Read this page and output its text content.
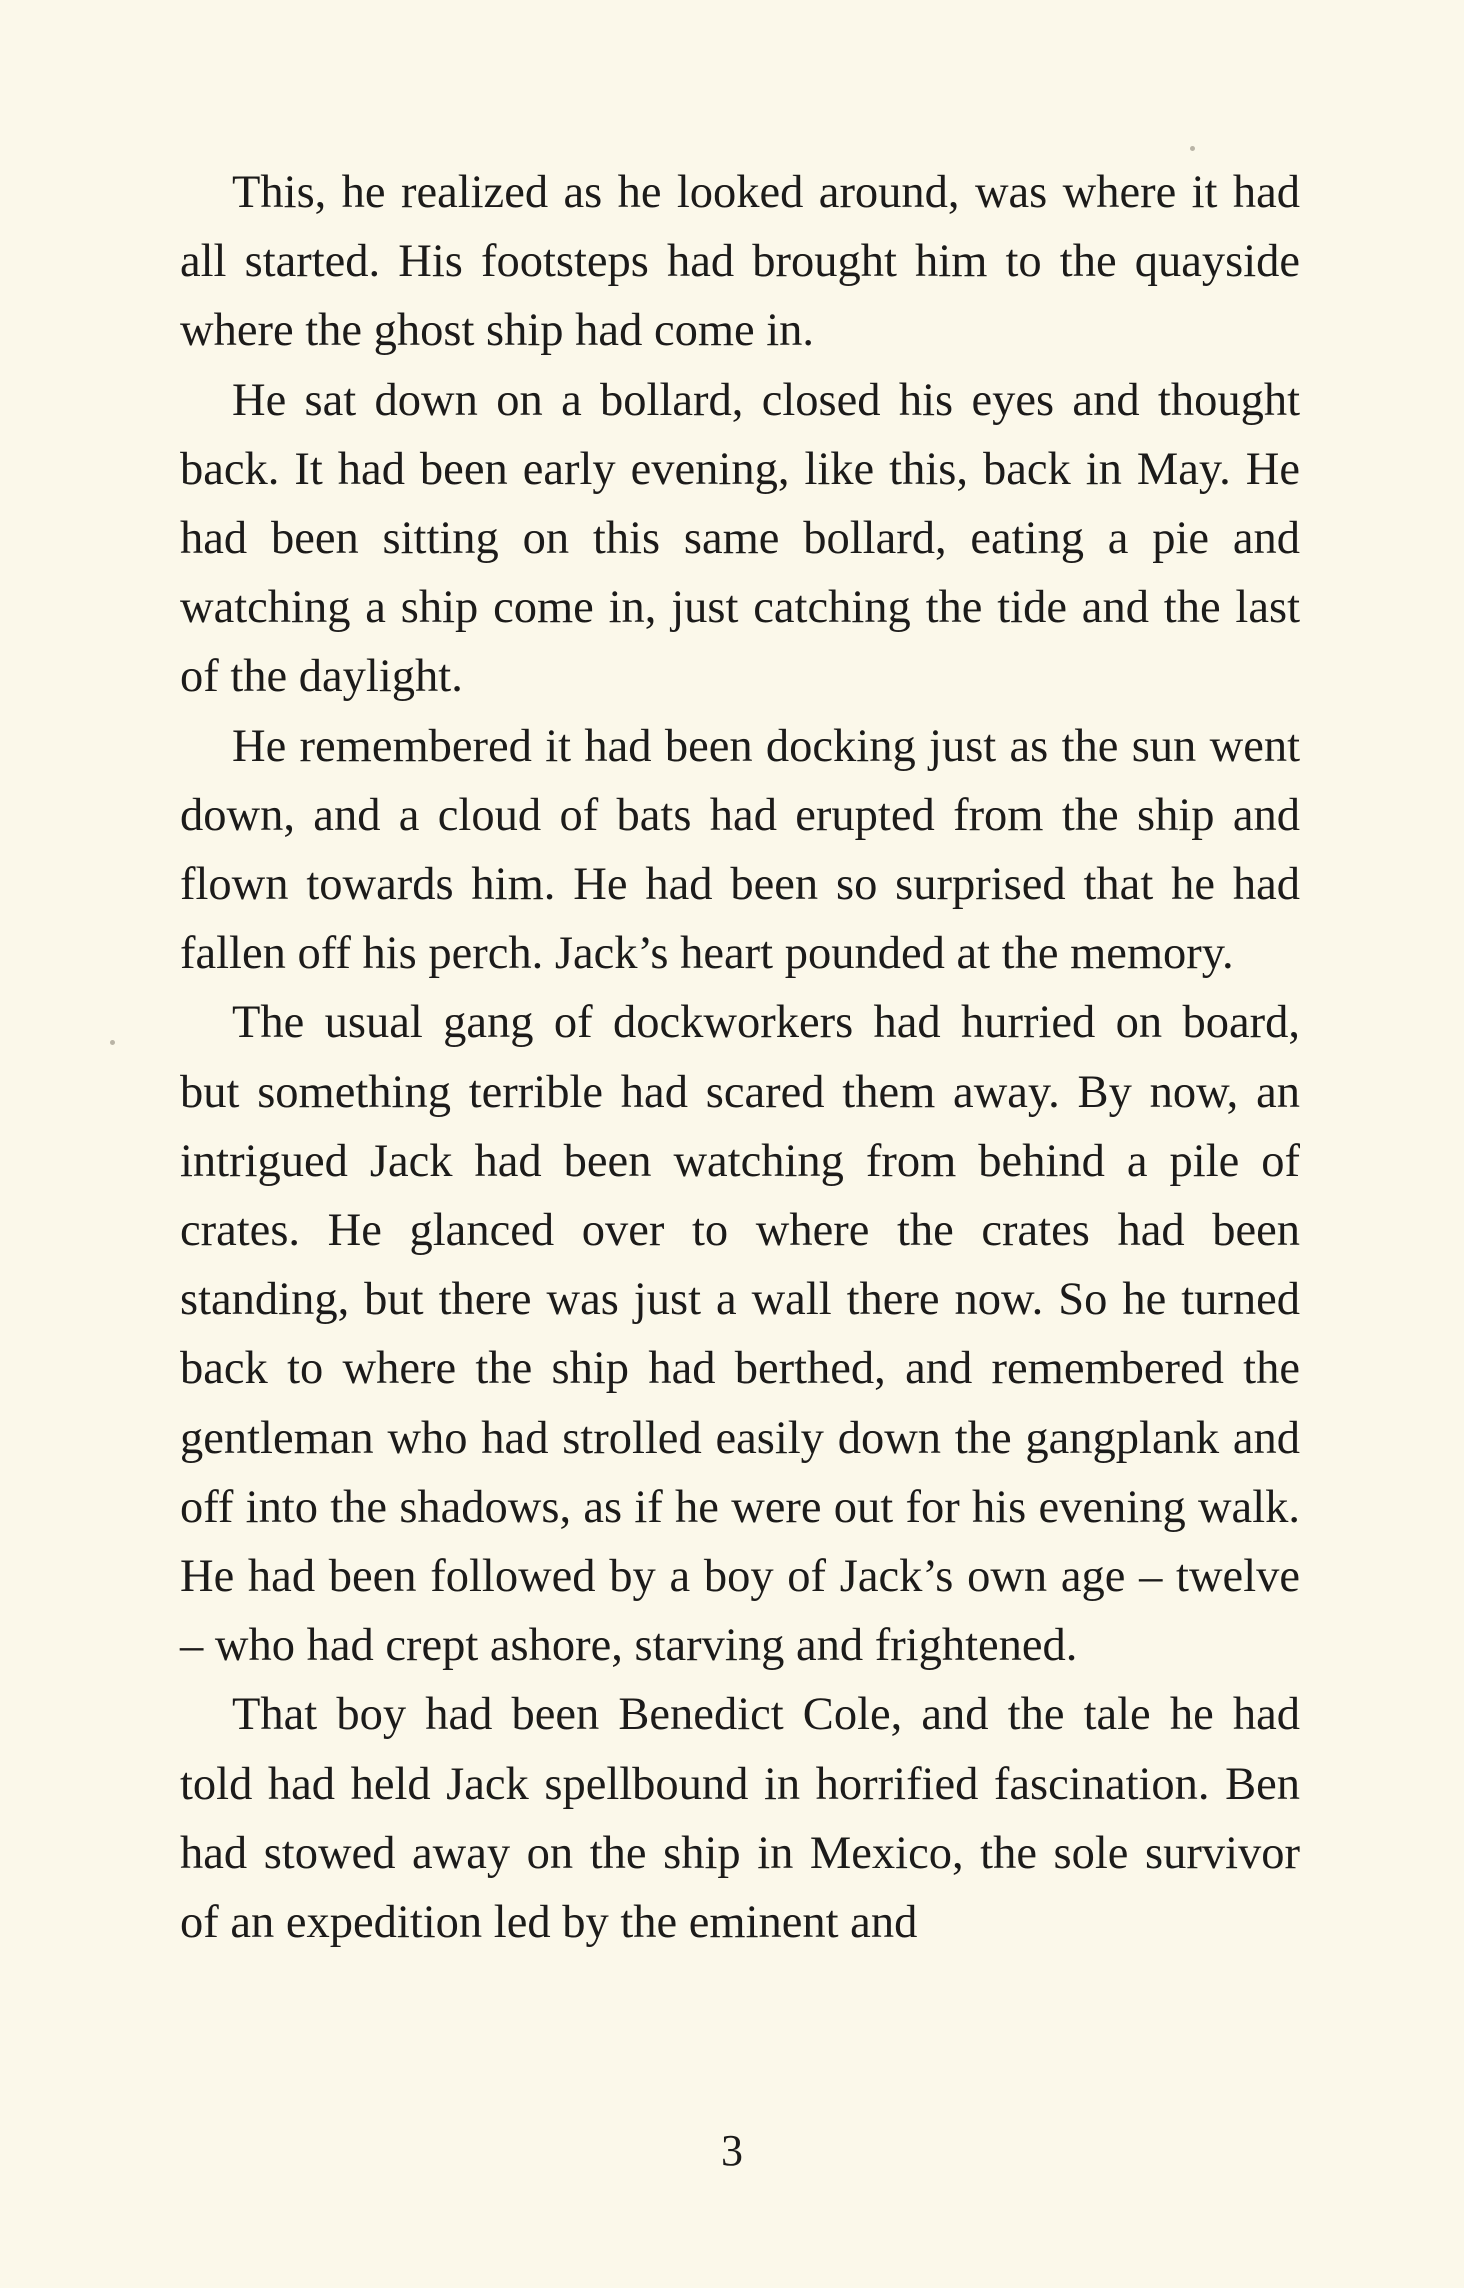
This, he realized as he looked around, was where it had all started. His footsteps had brought him to the quayside where the ghost ship had come in.

He sat down on a bollard, closed his eyes and thought back. It had been early evening, like this, back in May. He had been sitting on this same bollard, eating a pie and watching a ship come in, just catching the tide and the last of the daylight.

He remembered it had been docking just as the sun went down, and a cloud of bats had erupted from the ship and flown towards him. He had been so surprised that he had fallen off his perch. Jack’s heart pounded at the memory.

The usual gang of dockworkers had hurried on board, but something terrible had scared them away. By now, an intrigued Jack had been watching from behind a pile of crates. He glanced over to where the crates had been standing, but there was just a wall there now. So he turned back to where the ship had berthed, and remembered the gentleman who had strolled easily down the gangplank and off into the shadows, as if he were out for his evening walk. He had been followed by a boy of Jack’s own age – twelve – who had crept ashore, starving and frightened.

That boy had been Benedict Cole, and the tale he had told had held Jack spellbound in horrified fascination. Ben had stowed away on the ship in Mexico, the sole survivor of an expedition led by the eminent and

3
